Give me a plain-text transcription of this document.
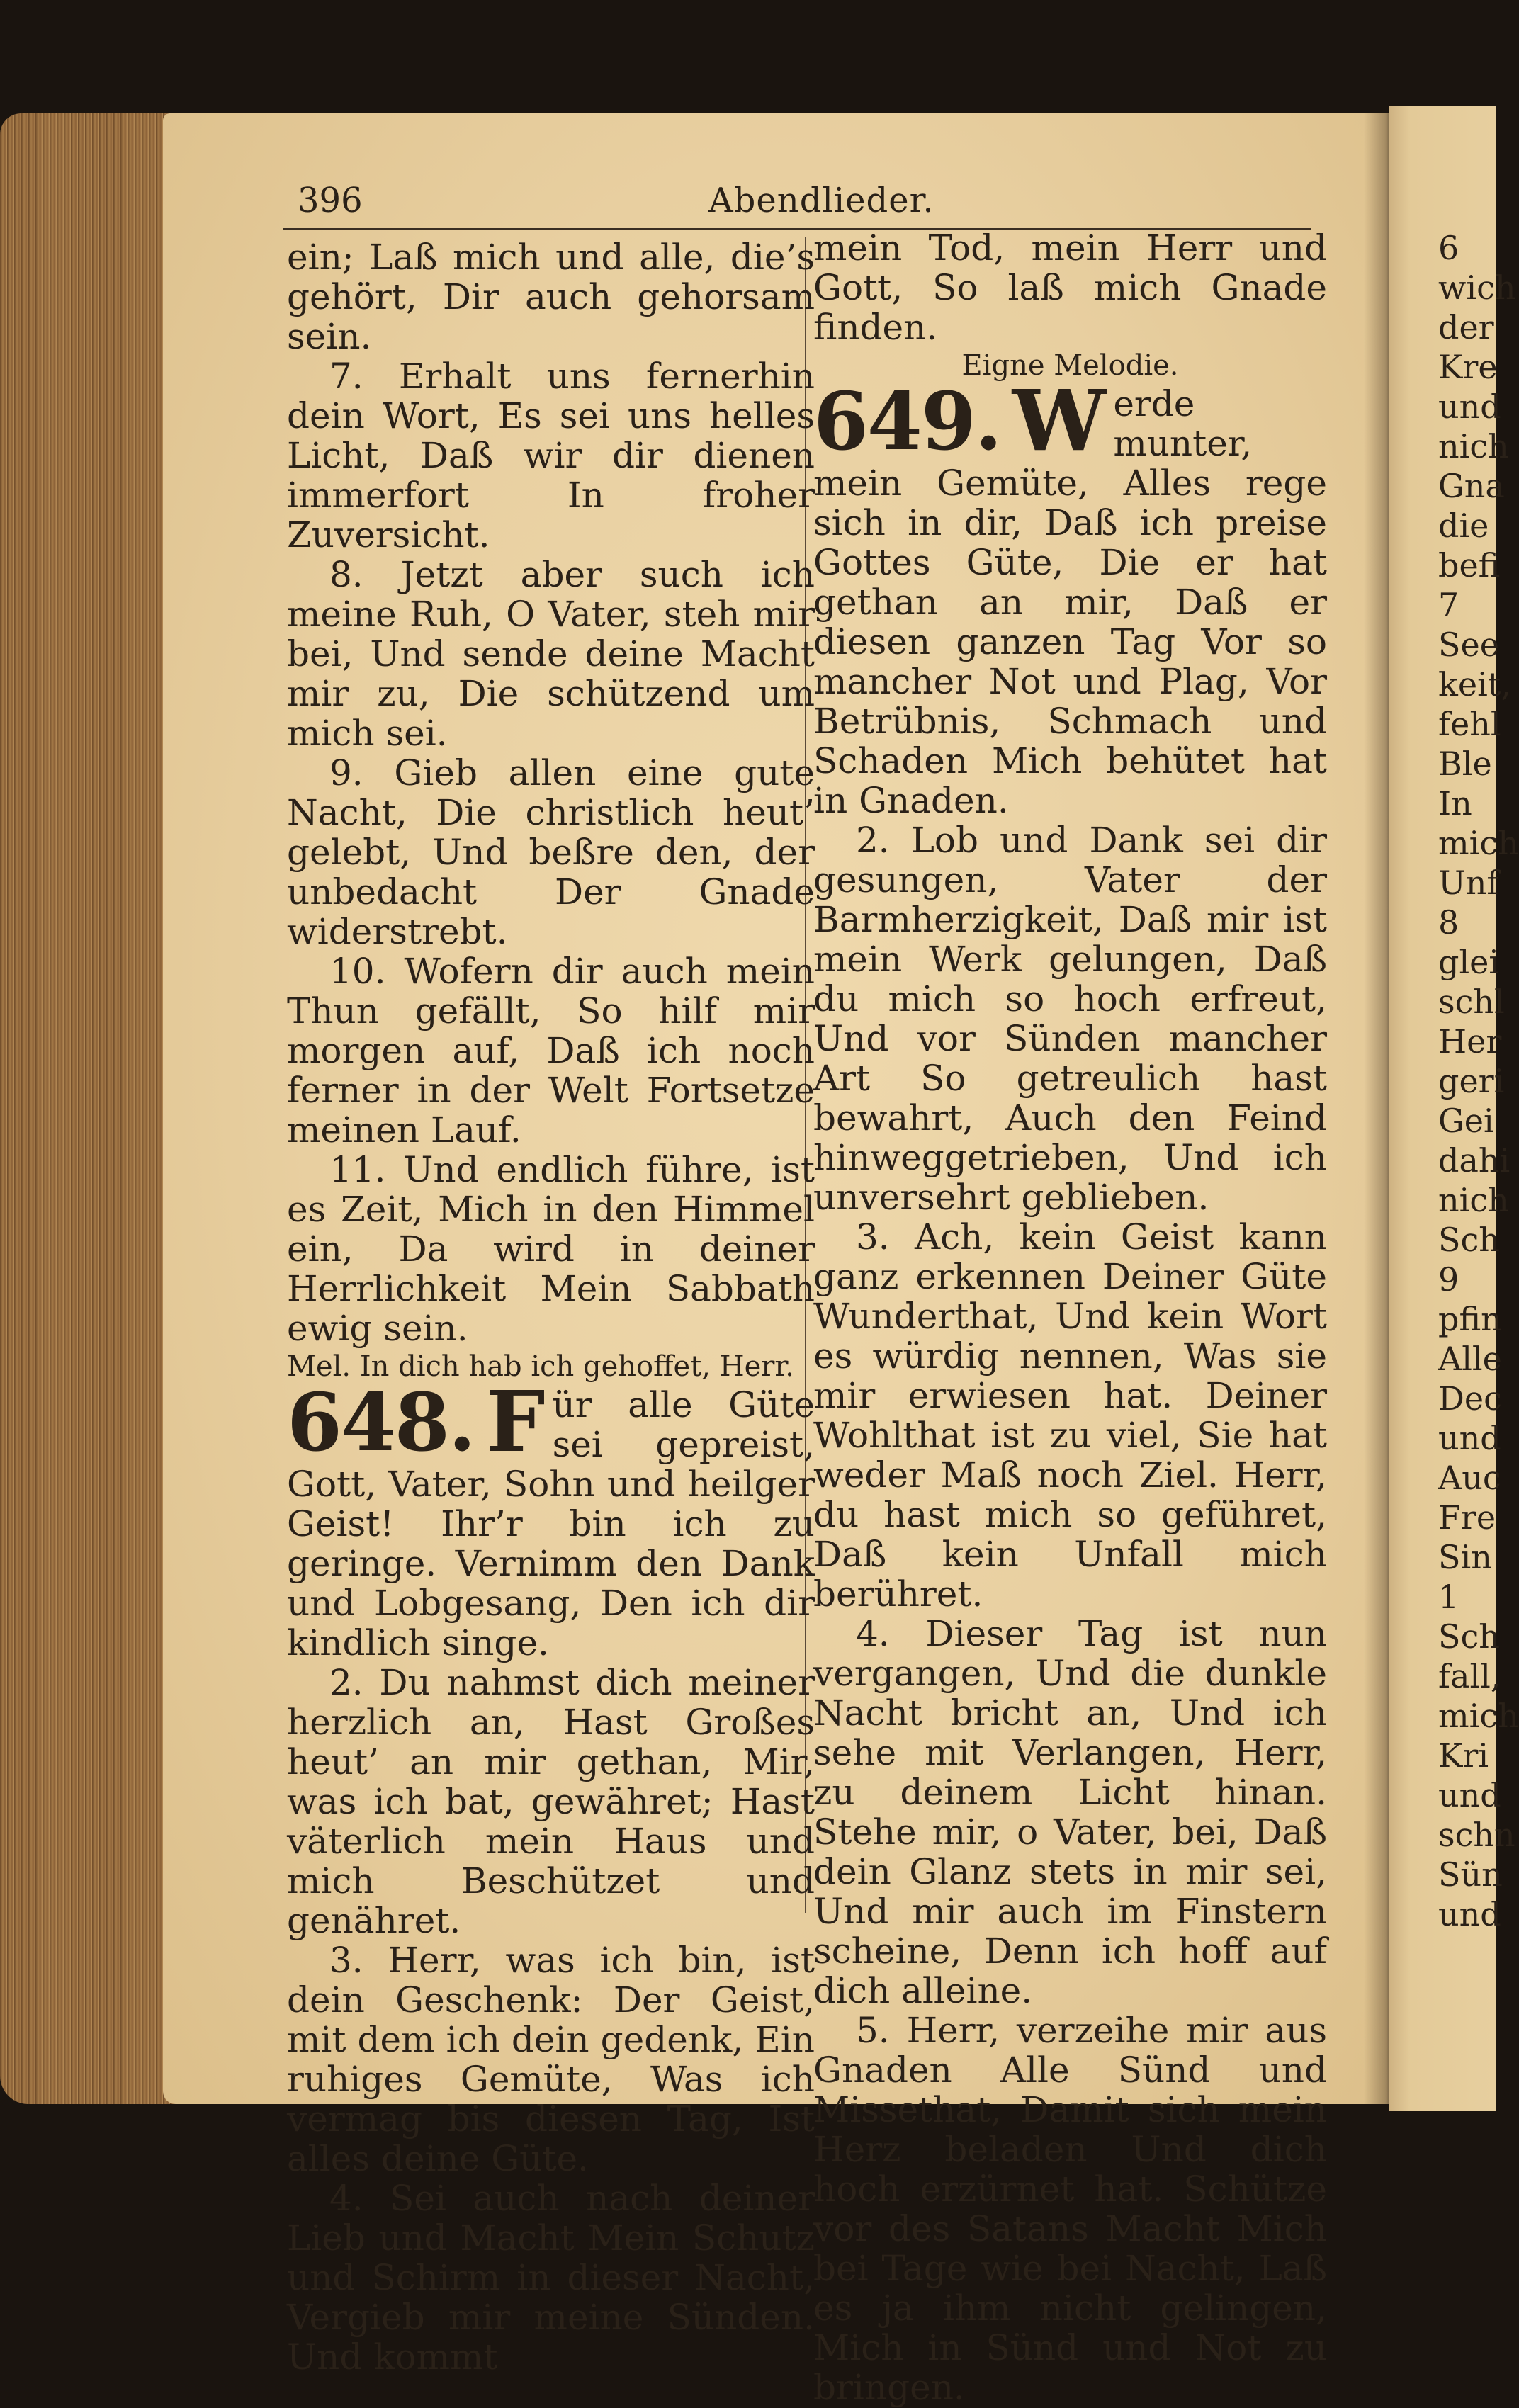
396	Abendlieder.

ein; Laß mich und alle, die’s gehört, Dir auch gehorsam sein.

7. Erhalt uns fernerhin dein Wort, Es sei uns helles Licht, Daß wir dir dienen immerfort In froher Zuversicht.

8. Jetzt aber such ich meine Ruh, O Vater, steh mir bei, Und sende deine Macht mir zu, Die schützend um mich sei.

9. Gieb allen eine gute Nacht, Die christlich heut’ gelebt, Und beßre den, der unbedacht Der Gnade widerstrebt.

10. Wofern dir auch mein Thun gefällt, So hilf mir morgen auf, Daß ich noch ferner in der Welt Fortsetze meinen Lauf.

11. Und endlich führe, ist es Zeit, Mich in den Himmel ein, Da wird in deiner Herrlichkeit Mein Sabbath ewig sein.

Mel. In dich hab ich gehoffet, Herr.

648. F ür alle Güte sei gepreist, Gott, Vater, Sohn und heilger Geist! Ihr’r bin ich zu geringe. Vernimm den Dank und Lobgesang, Den ich dir kindlich singe.

2. Du nahmst dich meiner herzlich an, Hast Großes heut’ an mir gethan, Mir, was ich bat, gewähret; Hast väterlich mein Haus und mich Beschützet und genähret.

3. Herr, was ich bin, ist dein Geschenk: Der Geist, mit dem ich dein gedenk, Ein ruhiges Gemüte, Was ich vermag bis diesen Tag, Ist alles deine Güte.

4. Sei auch nach deiner Lieb und Macht Mein Schutz und Schirm in dieser Nacht, Vergieb mir meine Sünden. Und kommt

mein Tod, mein Herr und Gott, So laß mich Gnade finden.

Eigne Melodie.

649. W erde munter, mein Gemüte, Alles rege sich in dir, Daß ich preise Gottes Güte, Die er hat gethan an mir, Daß er diesen ganzen Tag Vor so mancher Not und Plag, Vor Betrübnis, Schmach und Schaden Mich behütet hat in Gnaden.

2. Lob und Dank sei dir gesungen, Vater der Barmherzigkeit, Daß mir ist mein Werk gelungen, Daß du mich so hoch erfreut, Und vor Sünden mancher Art So getreulich hast bewahrt, Auch den Feind hinweggetrieben, Und ich unversehrt geblieben.

3. Ach, kein Geist kann ganz erkennen Deiner Güte Wunderthat, Und kein Wort es würdig nennen, Was sie mir erwiesen hat. Deiner Wohlthat ist zu viel, Sie hat weder Maß noch Ziel. Herr, du hast mich so geführet, Daß kein Unfall mich berühret.

4. Dieser Tag ist nun vergangen, Und die dunkle Nacht bricht an, Und ich sehe mit Verlangen, Herr, zu deinem Licht hinan. Stehe mir, o Vater, bei, Daß dein Glanz stets in mir sei, Und mir auch im Finstern scheine, Denn ich hoff auf dich alleine.

5. Herr, verzeihe mir aus Gnaden Alle Sünd und Missethat, Damit sich mein Herz beladen Und dich hoch erzürnet hat. Schütze vor des Satans Macht Mich bei Tage wie bei Nacht, Laß es ja ihm nicht gelingen, Mich in Sünd und Not zu bringen.

6
wich
der
Kre
und
nich
Gna
die
befi
7
See
keit,
fehl
Ble
In
mich
Unf
8
glei
schl
Her
geri
Gei
dahi
nich
Sch
9
pfin
Alle
Dec
und
Auc
Fre
Sin
1
Sch
fall,
mich
Kri
und
schn
Sün
und
